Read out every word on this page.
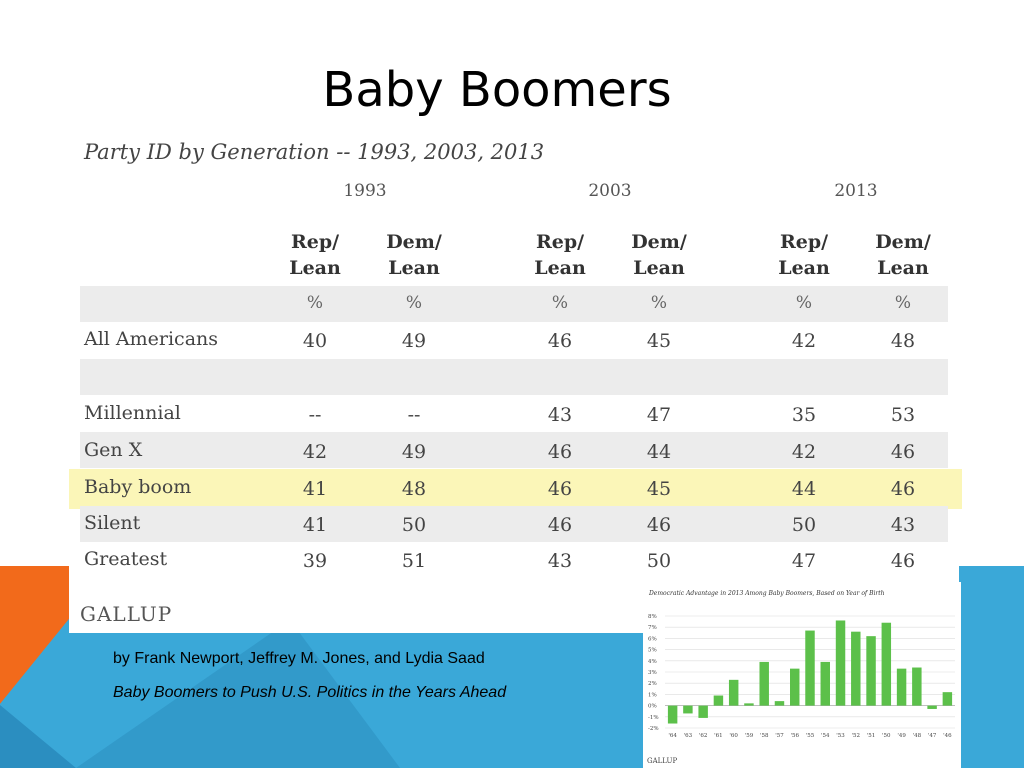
Baby Boomers
Party ID by Generation -- 1993, 2003, 2013
1993	2003	2013
Rep/
Lean
Dem/
Lean
Rep/
Lean
Dem/
Lean
Rep/
Lean
Dem/
Lean
%	%	%	%	%	%
All Americans	40	49	46	45	42	48
Millennial	--	--	43	47	35	53
Gen X	42	49	46	44	42	46
Baby boom	41	48	46	45	44	46
Silent	41	50	46	46	50	43
Greatest	39	51	43	50	47	46
GALLUP
by Frank Newport, Jeffrey M. Jones, and Lydia Saad
Baby Boomers to Push U.S. Politics in the Years Ahead
Democratic Advantage in 2013 Among Baby Boomers, Based on Year of Birth
8%
7%
6%
5%
4%
3%
2%
1%
0%
-1%
-2%
'64 '63 '62 '61 '60 '59 '58 '57 '56 '55 '54 '53 '52 '51 '50 '49 '48 '47 '46
GALLUP
